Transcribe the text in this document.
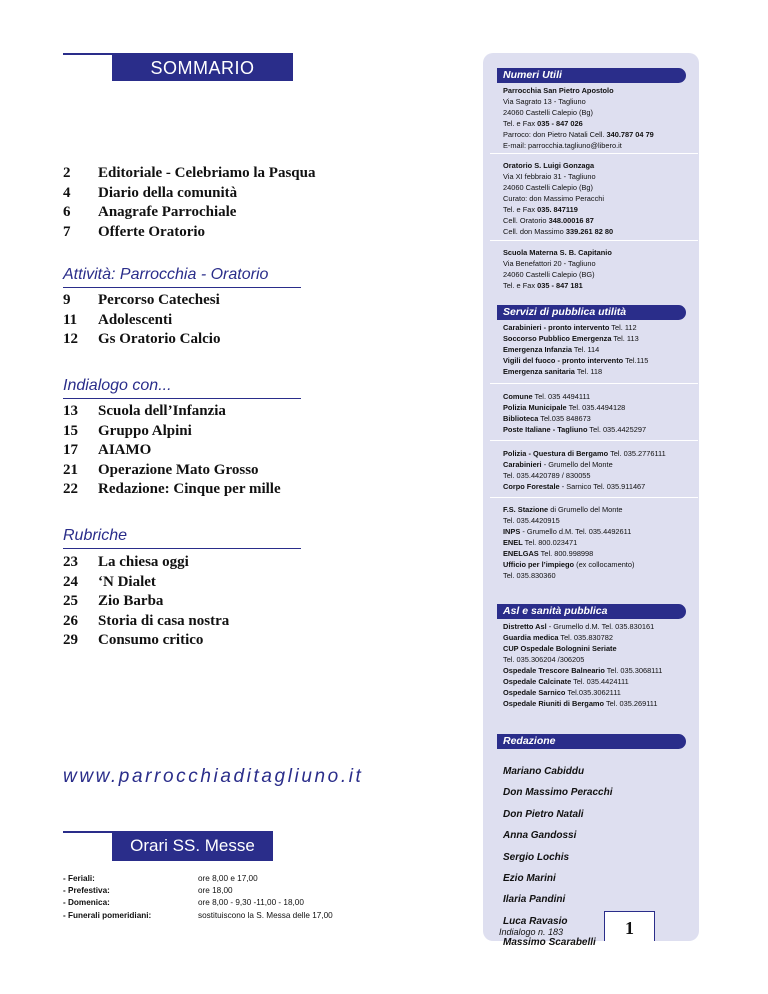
SOMMARIO
2 Editoriale - Celebriamo la Pasqua
4 Diario della comunità
6 Anagrafe Parrochiale
7 Offerte Oratorio
Attività: Parrocchia - Oratorio
9 Percorso Catechesi
11 Adolescenti
12 Gs Oratorio Calcio
Indialogo con...
13 Scuola dell’Infanzia
15 Gruppo Alpini
17 AIAMO
21 Operazione Mato Grosso
22 Redazione: Cinque per mille
Rubriche
23 La chiesa oggi
24 ‘N Dialet
25 Zio Barba
26 Storia di casa nostra
29 Consumo critico
www.parrocchiaditagliuno.it
Orari SS. Messe
- Feriali:	ore 8,00 e 17,00
- Prefestiva:	ore 18,00
- Domenica:	ore 8,00 - 9,30 -11,00 - 18,00
- Funerali pomeridiani:	sostituiscono la S. Messa delle 17,00
Numeri Utili
Parrocchia San Pietro Apostolo
Via Sagrato 13 - Tagliuno
24060 Castelli Calepio (Bg)
Tel. e Fax 035 - 847 026
Parroco: don Pietro Natali Cell. 340.787 04 79
E-mail: parrocchia.tagliuno@libero.it
Oratorio S. Luigi Gonzaga
Via XI febbraio 31 - Tagliuno
24060 Castelli Calepio (Bg)
Curato: don Massimo Peracchi
Tel. e Fax 035. 847119
Cell. Oratorio 348.00016 87
Cell. don Massimo 339.261 82 80
Scuola Materna S. B. Capitanio
Via Benefattori 20 - Tagliuno
24060 Castelli Calepio (BG)
Tel. e Fax 035 - 847 181
Servizi di pubblica utilità
Carabinieri - pronto intervento Tel. 112
Soccorso Pubblico Emergenza Tel. 113
Emergenza Infanzia Tel. 114
Vigili del fuoco - pronto intervento Tel.115
Emergenza sanitaria Tel. 118
Comune Tel. 035 4494111
Polizia Municipale Tel. 035.4494128
Biblioteca Tel.035 848673
Poste Italiane - Tagliuno Tel. 035.4425297
Polizia - Questura di Bergamo Tel. 035.2776111
Carabinieri - Grumello del Monte
Tel. 035.4420789 / 830055
Corpo Forestale - Sarnico Tel. 035.911467
F.S. Stazione di Grumello del Monte
Tel. 035.4420915
INPS - Grumello d.M. Tel. 035.4492611
ENEL Tel. 800.023471
ENELGAS Tel. 800.998998
Ufficio per l’impiego (ex collocamento)
Tel. 035.830360
Asl e sanità pubblica
Distretto Asl - Grumello d.M. Tel. 035.830161
Guardia medica Tel. 035.830782
CUP Ospedale Bolognini Seriate
Tel. 035.306204 /306205
Ospedale Trescore Balneario Tel. 035.3068111
Ospedale Calcinate Tel. 035.4424111
Ospedale Sarnico Tel.035.3062111
Ospedale Riuniti di Bergamo Tel. 035.269111
Redazione
Mariano Cabiddu
Don Massimo Peracchi
Don Pietro Natali
Anna Gandossi
Sergio Lochis
Ezio Marini
Ilaria Pandini
Luca Ravasio
Massimo Scarabelli
Indialogo n. 183	1
